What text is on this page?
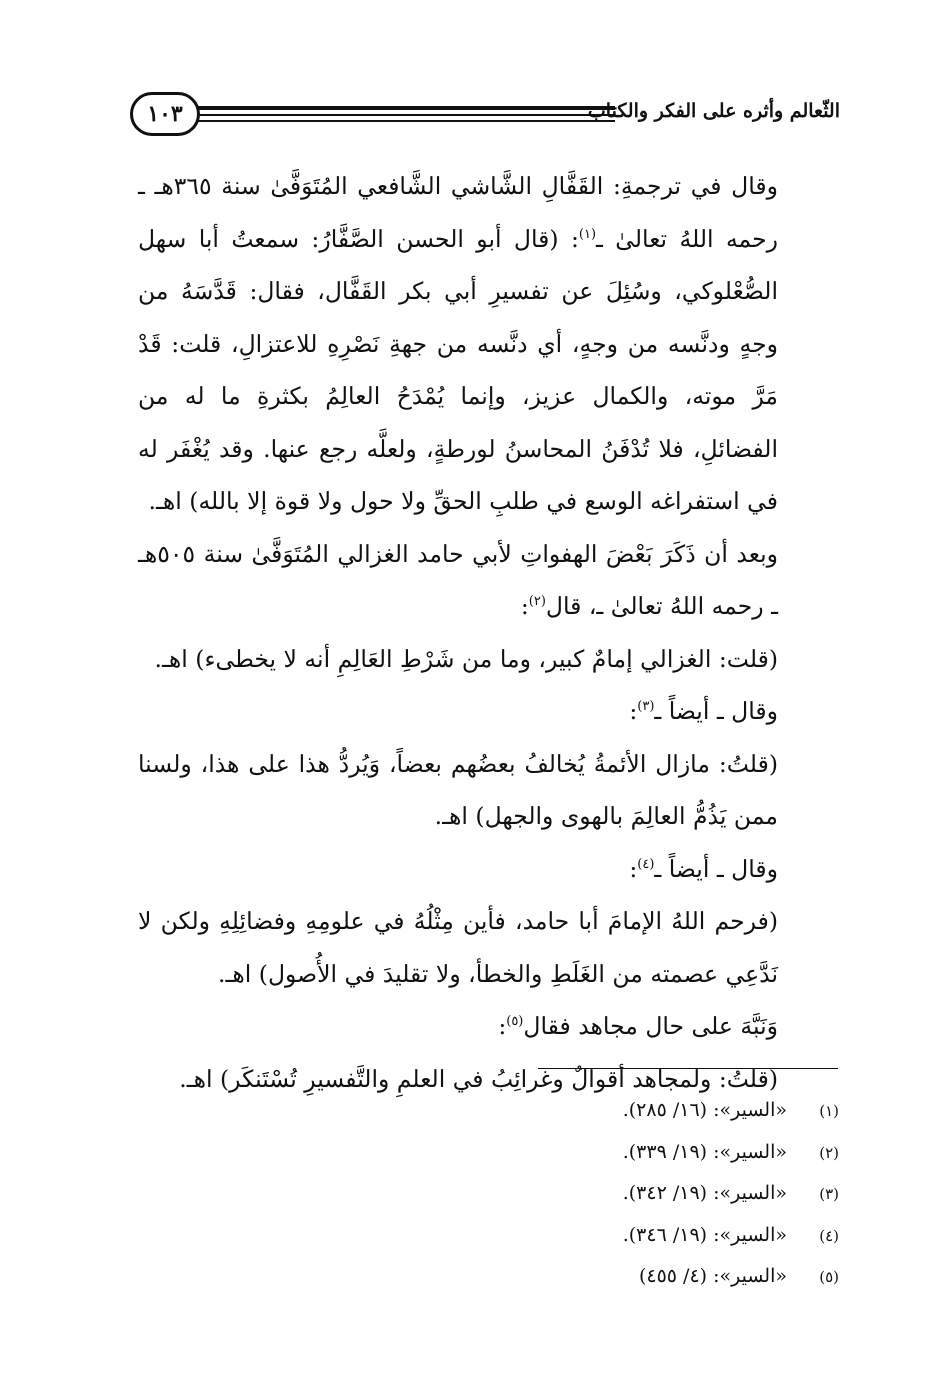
الثّعالم وأثره على الفكر والكتاب
١٠٣

وقال في ترجمةِ: القَفَّالِ الشَّاشي الشَّافعي المُتَوَفَّىٰ سنة ٣٦٥هـ ـ رحمه اللهُ تعالىٰ ـ$^{(١)}$: (قال أبو الحسن الصَّفَّارُ: سمعتُ أبا سهل الصُّعْلوكي، وسُئِلَ عن تفسيرِ أبي بكر القَفَّال، فقال: قَدَّسَهُ من وجهٍ ودنَّسه من وجهٍ، أي دنَّسه من جهةِ نَصْرِهِ للاعتزالِ، قلت: قَدْ مَرَّ موته، والكمال عزيز، وإنما يُمْدَحُ العالِمُ بكثرةِ ما له من الفضائلِ، فلا تُدْفَنُ المحاسنُ لورطةٍ، ولعلَّه رجع عنها. وقد يُغْفَر له في استفراغه الوسع في طلبِ الحقِّ ولا حول ولا قوة إلا بالله) اهـ.

وبعد أن ذَكَرَ بَعْضَ الهفواتِ لأبي حامد الغزالي المُتَوَفَّىٰ سنة ٥٠٥هـ ـ رحمه اللهُ تعالىٰ ـ، قال$^{(٢)}$:

(قلت: الغزالي إمامٌ كبير، وما من شَرْطِ العَالِمِ أنه لا يخطىء) اهـ.

وقال ـ أيضاً ـ$^{(٣)}$:

(قلتُ: مازال الأئمةُ يُخالفُ بعضُهم بعضاً، وَيُردُّ هذا على هذا، ولسنا ممن يَذُمُّ العالِمَ بالهوى والجهل) اهـ.

وقال ـ أيضاً ـ$^{(٤)}$:

(فرحم اللهُ الإمامَ أبا حامد، فأين مِثْلُهُ في علومِهِ وفضائِلِهِ ولكن لا نَدَّعِي عصمته من الغَلَطِ والخطأ، ولا تقليدَ في الأُصول) اهـ.

وَنَبَّهَ على حال مجاهد فقال$^{(٥)}$:

(قلتُ: ولمجاهد أقوالٌ وغرائِبُ في العلمِ والتَّفسيرِ تُسْتَنكَر) اهـ.

(١)«السير»: (١٦/ ٢٨٥).
(٢)«السير»: (١٩/ ٣٣٩).
(٣)«السير»: (١٩/ ٣٤٢).
(٤)«السير»: (١٩/ ٣٤٦).
(٥)«السير»: (٤/ ٤٥٥)
